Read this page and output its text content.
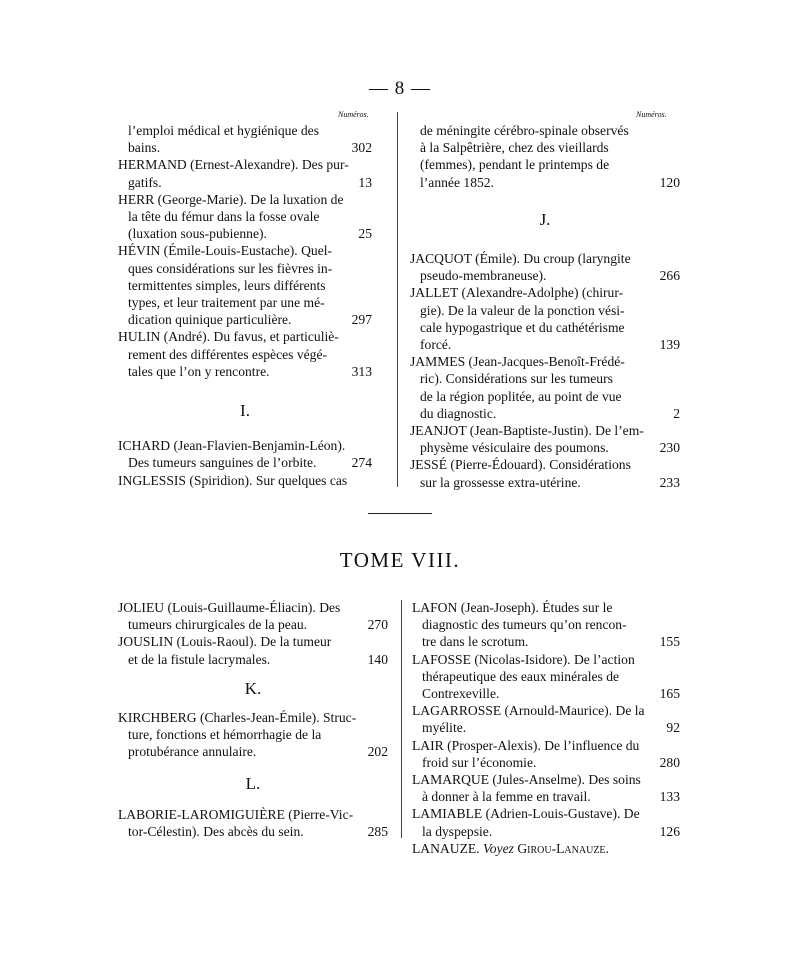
— 8 —
Numéros.	Numéros.
l’emploi médical et hygiénique des
bains.	302
HERMAND (Ernest-Alexandre). Des pur-
gatifs.	13
HERR (George-Marie). De la luxation de
la tête du fémur dans la fosse ovale
(luxation sous-pubienne).	25
HÉVIN (Émile-Louis-Eustache). Quel-
ques considérations sur les fièvres in-
termittentes simples, leurs différents
types, et leur traitement par une mé-
dication quinique particulière.	297
HULIN (André). Du favus, et particuliè-
rement des différentes espèces végé-
tales que l’on y rencontre.	313
I.
ICHARD (Jean-Flavien-Benjamin-Léon).
Des tumeurs sanguines de l’orbite.	274
INGLESSIS (Spiridion). Sur quelques cas
de méningite cérébro-spinale observés
à la Salpêtrière, chez des vieillards
(femmes), pendant le printemps de
l’année 1852.	120
J.
JACQUOT (Émile). Du croup (laryngite
pseudo-membraneuse).	266
JALLET (Alexandre-Adolphe) (chirur-
gie). De la valeur de la ponction vési-
cale hypogastrique et du cathétérisme
forcé.	139
JAMMES (Jean-Jacques-Benoît-Frédé-
ric). Considérations sur les tumeurs
de la région poplitée, au point de vue
du diagnostic.	2
JEANJOT (Jean-Baptiste-Justin). De l’em-
physème vésiculaire des poumons.	230
JESSÉ (Pierre-Édouard). Considérations
sur la grossesse extra-utérine.	233
TOME VIII.
JOLIEU (Louis-Guillaume-Éliacin). Des
tumeurs chirurgicales de la peau.	270
JOUSLIN (Louis-Raoul). De la tumeur
et de la fistule lacrymales.	140
K.
KIRCHBERG (Charles-Jean-Émile). Struc-
ture, fonctions et hémorrhagie de la
protubérance annulaire.	202
L.
LABORIE-LAROMIGUIÈRE (Pierre-Vic-
tor-Célestin). Des abcès du sein.	285
LAFON (Jean-Joseph). Études sur le
diagnostic des tumeurs qu’on rencon-
tre dans le scrotum.	155
LAFOSSE (Nicolas-Isidore). De l’action
thérapeutique des eaux minérales de
Contrexeville.	165
LAGARROSSE (Arnould-Maurice). De la
myélite.	92
LAIR (Prosper-Alexis). De l’influence du
froid sur l’économie.	280
LAMARQUE (Jules-Anselme). Des soins
à donner à la femme en travail.	133
LAMIABLE (Adrien-Louis-Gustave). De
la dyspepsie.	126
LANAUZE. Voyez Girou-Lanauze.
